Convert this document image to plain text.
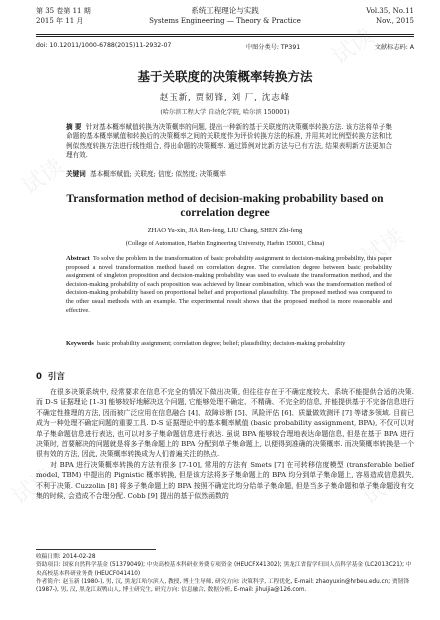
试读
试读
试读
试读	试读
第 35 卷第 11 期
2015 年 11 月
系统工程理论与实践
Systems Engineering — Theory & Practice
Vol.35, No.11
Nov., 2015
doi: 10.12011/1000-6788(2015)11-2932-07	中图分类号: TP391	文献标志码: A
基于关联度的决策概率转换方法
赵玉新, 贾韧锋, 刘 厂, 沈志峰
(哈尔滨工程大学 自动化学院, 哈尔滨 150001)
摘 要 针对基本概率赋值转换为决策概率的问题, 提出一种新的基于关联度的决策概率转换方法. 该方法将单子集命题的基本概率赋值和转换后的决策概率之间的关联度作为评价转换方法的标准, 并用其对比例型转换方法和比例似然度转换方法进行线性组合, 得出命题的决策概率. 通过算例对比新方法与已有方法, 结果表明新方法更加合理有效.
关键词 基本概率赋值; 关联度; 信度; 似然度; 决策概率
Transformation method of decision-making probability based on correlation degree
ZHAO Yu-xin, JIA Ren-feng, LIU Chang, SHEN Zhi-feng
(College of Automation, Harbin Engineering University, Harbin 150001, China)
Abstract To solve the problem in the transformation of basic probability assignment to decision-making probability, this paper proposed a novel transformation method based on correlation degree. The correlation degree between basic probability assignment of singleton proposition and decision-making probability was used to evaluate the transformation method, and the decision-making probability of each proposition was achieved by linear combination, which was the transformation method of decision-making probability based on proportional belief and proportional plausibility. The proposed method was compared to the other usual methods with an example. The experimental result shows that the proposed method is more reasonable and effective.
Keywords basic probability assignment; correlation degree; belief; plausibility; decision-making probability
0 引言
在很多决策系统中, 经常要求在信息不完全的情况下做出决策, 但往往存在于不确定度较大、系统不能提供合适的决策. 而 D-S 证据理论 [1-3] 能够较好地解决这个问题, 它能够处理不确定、不精确、不完全的信息, 并能提供基于不完备信息进行不确定性推理的方法, 因而被广泛应用在信息融合 [4]、故障诊断 [5]、风险评估 [6]、质量做效测评 [7] 等诸多领域. 目前已成为一种处理不确定问题的重要工具. D-S 证据理论中的基本概率赋值 (basic probability assignment, BPA), 不仅可以对单子集命题信息进行表达, 也可以对多子集命题信息进行表达. 虽说 BPA 能够较合理地表达命题信息, 但是在基于 BPA 进行决策时, 首要解决的问题就是将多子集命题上的 BPA 分配到单子集命题上, 以便得到准确的决策概率. 而决策概率转换是一个很有效的方法, 因此, 决策概率转换成为人们普遍关注的热点.
对 BPA 进行决策概率转换的方法有很多 [7-10], 常用的方法有 Smets [7] 在可转移信度模型 (transferable belief model, TBM) 中提出的 Pignistic 概率转换, 但是该方法将多子集命题上的 BPA 均分到单子集命题上, 容易造成信息损失, 不利于决策. Cuzzolin [8] 将多子集命题上的 BPA 按照不确定比均分给单子集命题, 但是当多子集命题和单子集命题没有交集的时候, 会造成不合理分配. Cobb [9] 提出的基于似然函数的
收稿日期: 2014-02-28
资助项目: 国家自然科学基金 (51379049); 中央高校基本科研业务费专项资金 (HEUCFX41302); 黑龙江省留学归国人员科学基金 (LC2013C21); 中央高校基本科研业务费 (HEUCF041410)
作者简介: 赵玉新 (1980-), 男, 汉, 黑龙江哈尔滨人, 教授, 博士生导师, 研究方向: 决策科学, 工程优化, E-mail: zhaoyuxin@hrbeu.edu.cn; 贾韧锋 (1987-), 男, 汉, 黑龙江双鸭山人, 博士研究生, 研究方向: 信息融合, 数据分析, E-mail: jihuijia@126.com.
